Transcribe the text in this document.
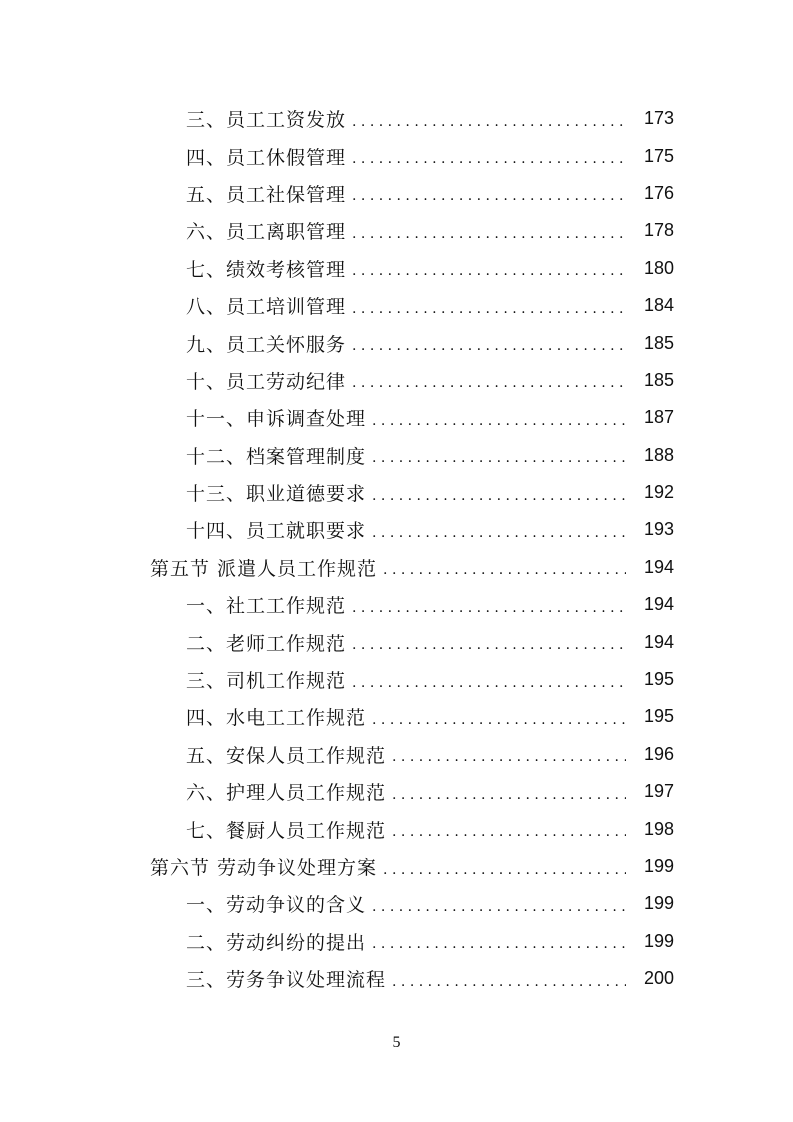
三、员工工资发放 . . .	173
四、员工休假管理 . . .	175
五、员工社保管理 . . .	176
六、员工离职管理 . . .	178
七、绩效考核管理 . . .	180
八、员工培训管理 . . .	184
九、员工关怀服务 . . .	185
十、员工劳动纪律 . . .	185
十一、申诉调查处理 . . .	187
十二、档案管理制度 . . .	188
十三、职业道德要求 . . .	192
十四、员工就职要求 . . .	193
第五节 派遣人员工作规范 . . .	194
一、社工工作规范 . . .	194
二、老师工作规范 . . .	194
三、司机工作规范 . . .	195
四、水电工工作规范 . . .	195
五、安保人员工作规范 . . .	196
六、护理人员工作规范 . . .	197
七、餐厨人员工作规范 . . .	198
第六节 劳动争议处理方案 . . .	199
一、劳动争议的含义 . . .	199
二、劳动纠纷的提出 . . .	199
三、劳务争议处理流程 . . .	200
5
